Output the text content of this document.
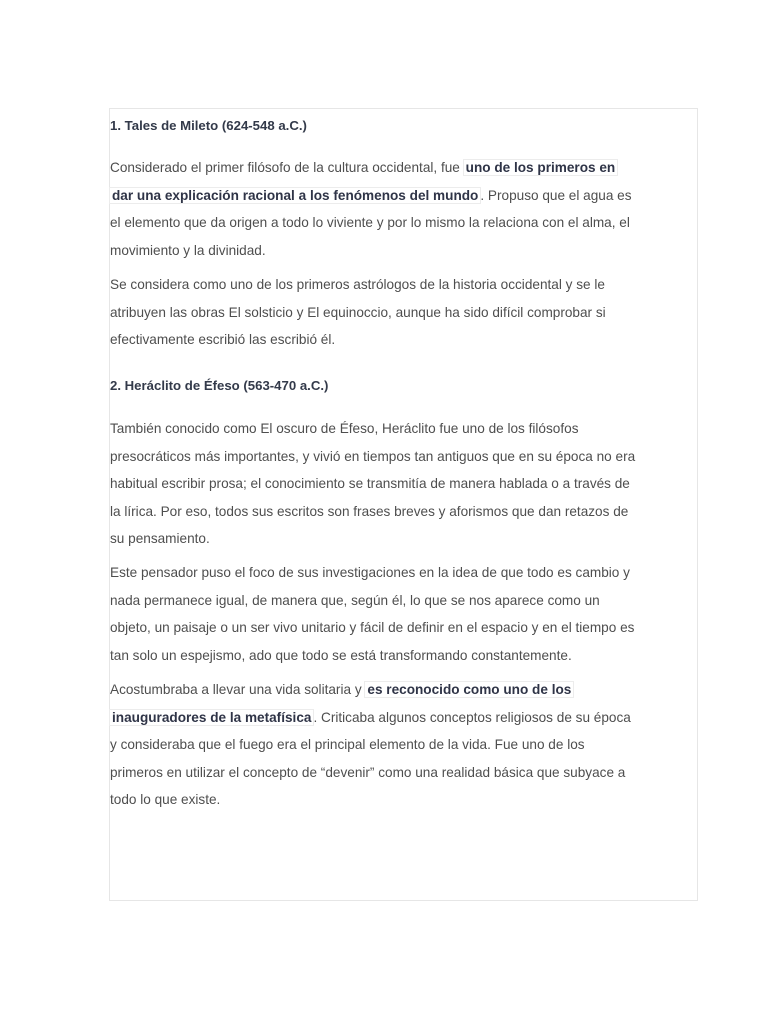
1. Tales de Mileto (624-548 a.C.)

Considerado el primer filósofo de la cultura occidental, fue uno de los primeros en
dar una explicación racional a los fenómenos del mundo . Propuso que el agua es
el elemento que da origen a todo lo viviente y por lo mismo la relaciona con el alma, el
movimiento y la divinidad.

Se considera como uno de los primeros astrólogos de la historia occidental y se le
atribuyen las obras El solsticio y El equinoccio, aunque ha sido difícil comprobar si
efectivamente escribió las escribió él.

2. Heráclito de Éfeso (563-470 a.C.)

También conocido como El oscuro de Éfeso, Heráclito fue uno de los filósofos
presocráticos más importantes, y vivió en tiempos tan antiguos que en su época no era
habitual escribir prosa; el conocimiento se transmitía de manera hablada o a través de
la lírica. Por eso, todos sus escritos son frases breves y aforismos que dan retazos de
su pensamiento.

Este pensador puso el foco de sus investigaciones en la idea de que todo es cambio y
nada permanece igual, de manera que, según él, lo que se nos aparece como un
objeto, un paisaje o un ser vivo unitario y fácil de definir en el espacio y en el tiempo es
tan solo un espejismo, ado que todo se está transformando constantemente.

Acostumbraba a llevar una vida solitaria y es reconocido como uno de los
inauguradores de la metafísica . Criticaba algunos conceptos religiosos de su época
y consideraba que el fuego era el principal elemento de la vida. Fue uno de los
primeros en utilizar el concepto de “devenir” como una realidad básica que subyace a
todo lo que existe.
